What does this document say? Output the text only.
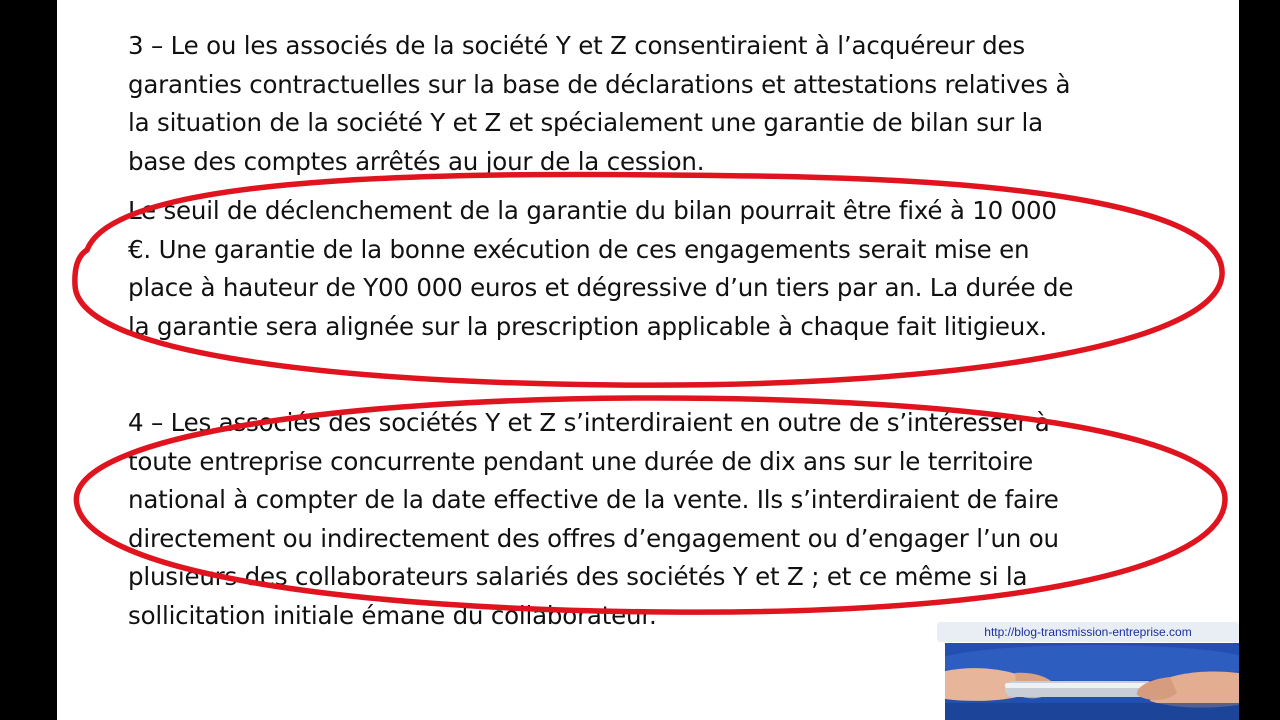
3 – Le ou les associés de la société Y et Z consentiraient à l’acquéreur des
garanties contractuelles sur la base de déclarations et attestations relatives à
la situation de la société Y et Z et spécialement une garantie de bilan sur la
base des comptes arrêtés au jour de la cession.
Le seuil de déclenchement de la garantie du bilan pourrait être fixé à 10 000
€. Une garantie de la bonne exécution de ces engagements serait mise en
place à hauteur de Y00 000 euros et dégressive d’un tiers par an. La durée de
la garantie sera alignée sur la prescription applicable à chaque fait litigieux.
4 – Les associés des sociétés Y et Z s’interdiraient en outre de s’intéresser à
toute entreprise concurrente pendant une durée de dix ans sur le territoire
national à compter de la date effective de la vente. Ils s’interdiraient de faire
directement ou indirectement des offres d’engagement ou d’engager l’un ou
plusieurs des collaborateurs salariés des sociétés Y et Z ; et ce même si la
sollicitation initiale émane du collaborateur.
http://blog-transmission-entreprise.com
